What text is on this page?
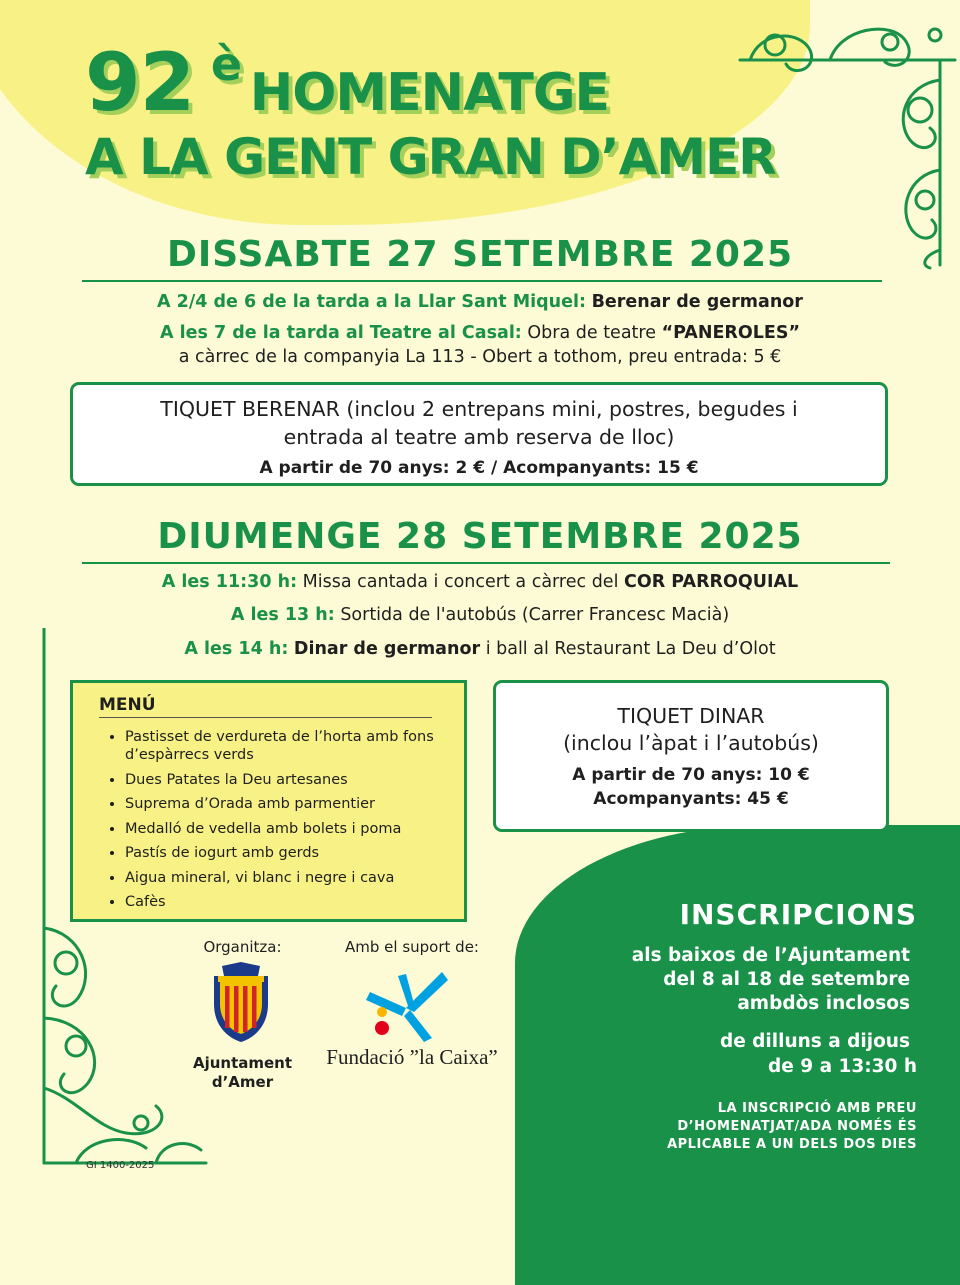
92 è HOMENATGE
A LA GENT GRAN D’AMER
DISSABTE 27 SETEMBRE 2025
A 2/4 de 6 de la tarda a la Llar Sant Miquel: Berenar de germanor
A les 7 de la tarda al Teatre al Casal: Obra de teatre “PANEROLES”
a càrrec de la companyia La 113 - Obert a tothom, preu entrada: 5 €
TIQUET BERENAR (inclou 2 entrepans mini, postres, begudes i
entrada al teatre amb reserva de lloc)
A partir de 70 anys: 2 € / Acompanyants: 15 €
DIUMENGE 28 SETEMBRE 2025
A les 11:30 h: Missa cantada i concert a càrrec del COR PARROQUIAL
A les 13 h: Sortida de l'autobús (Carrer Francesc Macià)
A les 14 h: Dinar de germanor i ball al Restaurant La Deu d’Olot
MENÚ
• Pastisset de verdureta de l’horta amb fons d’espàrrecs verds
• Dues Patates la Deu artesanes
• Suprema d’Orada amb parmentier
• Medalló de vedella amb bolets i poma
• Pastís de iogurt amb gerds
• Aigua mineral, vi blanc i negre i cava
• Cafès
TIQUET DINAR
(inclou l’àpat i l’autobús)
A partir de 70 anys: 10 €
Acompanyants: 45 €
Organitza:
Ajuntament
d’Amer
Amb el suport de:
Fundació ”la Caixa”
INSCRIPCIONS
als baixos de l’Ajuntament
del 8 al 18 de setembre
ambdòs inclosos
de dilluns a dijous
de 9 a 13:30 h
LA INSCRIPCIÓ AMB PREU
D’HOMENATJAT/ADA NOMÉS ÉS
APLICABLE A UN DELS DOS DIES
GI 1400-2025
